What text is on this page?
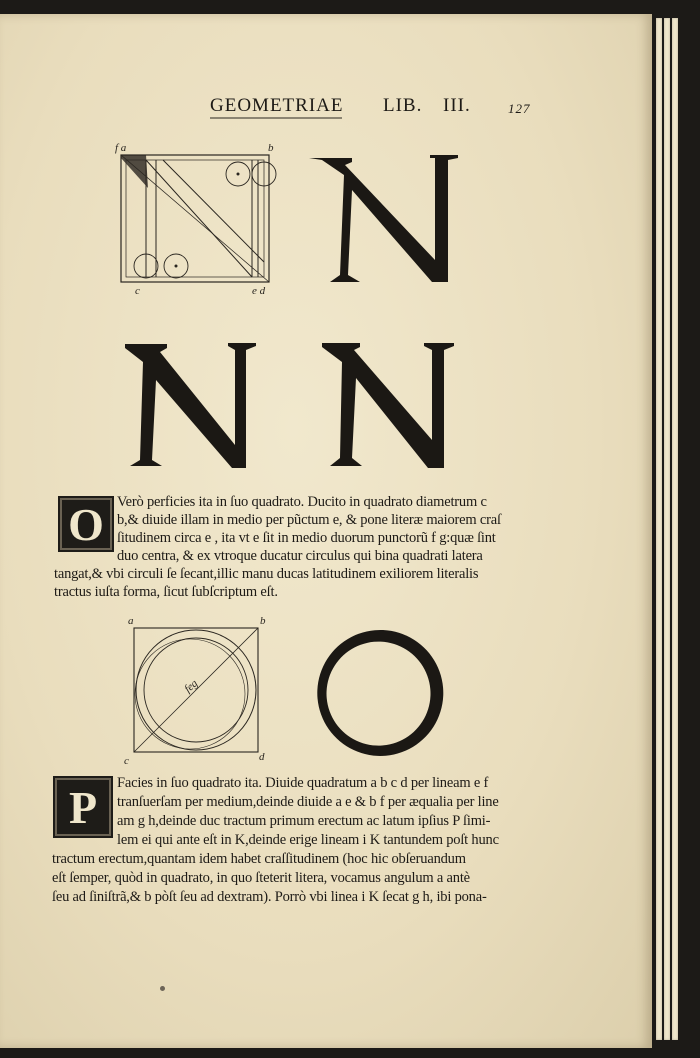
GEOMETRIAE LIB. III.	127
f a	b
c	e d
O Verò perficies ita in ſuo quadrato. Ducito in quadrato diametrum c
b,& diuide illam in medio per pũctum e, & pone literæ maiorem craſ
ſitudinem circa e , ita vt e ſit in medio duorum punctorũ f g:quæ ſint
duo centra, & ex vtroque ducatur circulus qui bina quadrati latera
tangat,& vbi circuli ſe ſecant,illic manu ducas latitudinem exiliorem literalis
tractus iuſta forma, ſicut ſubſcriptum eſt.
a	b
c	d
feg
P	Facies in ſuo quadrato ita. Diuide quadratum a b c d per lineam e f
tranſuerſam per medium,deinde diuide a e & b f per æqualia per line
am g h,deinde duc tractum primum erectum ac latum ipſius P ſimi-
lem ei qui ante eſt in K,deinde erige lineam i K tantundem poſt hunc
tractum erectum,quantam idem habet craſſitudinem (hoc hic obſeruandum
eſt ſemper, quòd in quadrato, in quo ſteterit litera, vocamus angulum a antè
ſeu ad ſiniſtrã,& b pòſt ſeu ad dextram). Porrò vbi linea i K ſecat g h, ibi pona-
